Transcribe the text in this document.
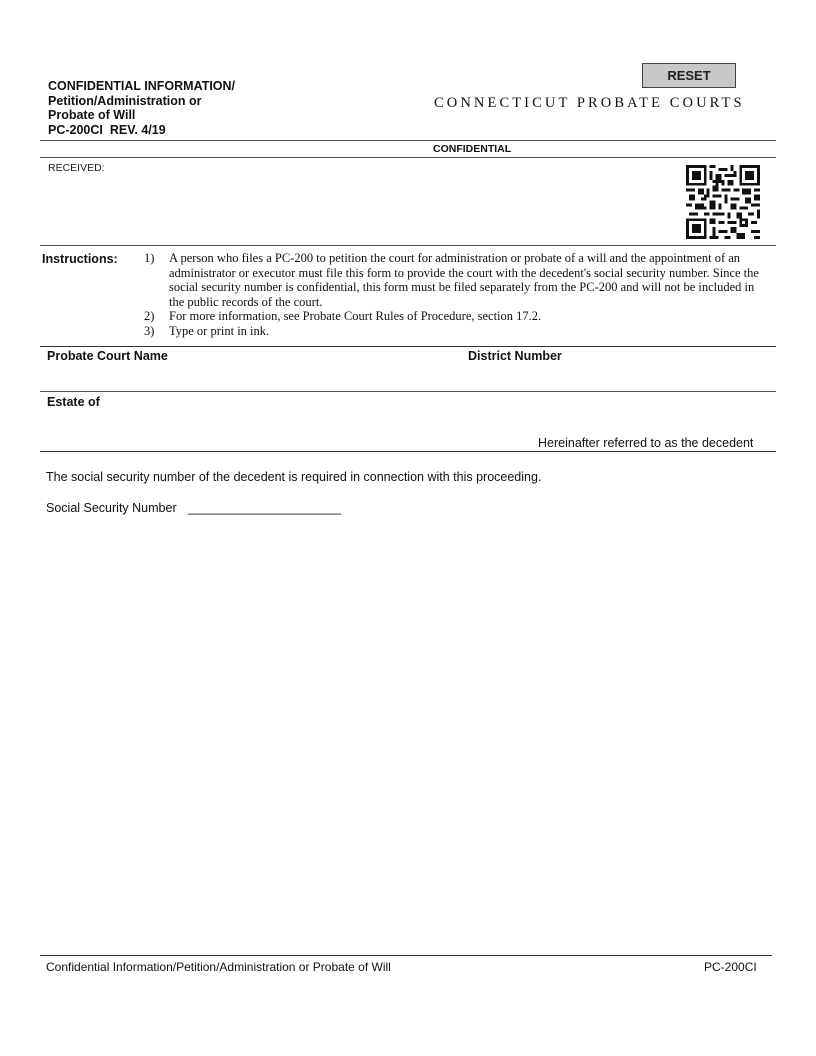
CONFIDENTIAL INFORMATION/
Petition/Administration or
Probate of Will
PC-200CI  REV. 4/19
RESET
CONNECTICUT PROBATE COURTS
CONFIDENTIAL
RECEIVED:
Instructions:	1)	A person who files a PC-200 to petition the court for administration or probate of a will and the appointment of an administrator or executor must file this form to provide the court with the decedent's social security number. Since the social security number is confidential, this form must be filed separately from the PC-200 and will not be included in the public records of the court.
2)	For more information, see Probate Court Rules of Procedure, section 17.2.
3)	Type or print in ink.
Probate Court Name	District Number
Estate of
Hereinafter referred to as the decedent
The social security number of the decedent is required in connection with this proceeding.
Social Security Number ______________________
Confidential Information/Petition/Administration or Probate of Will	PC-200CI
